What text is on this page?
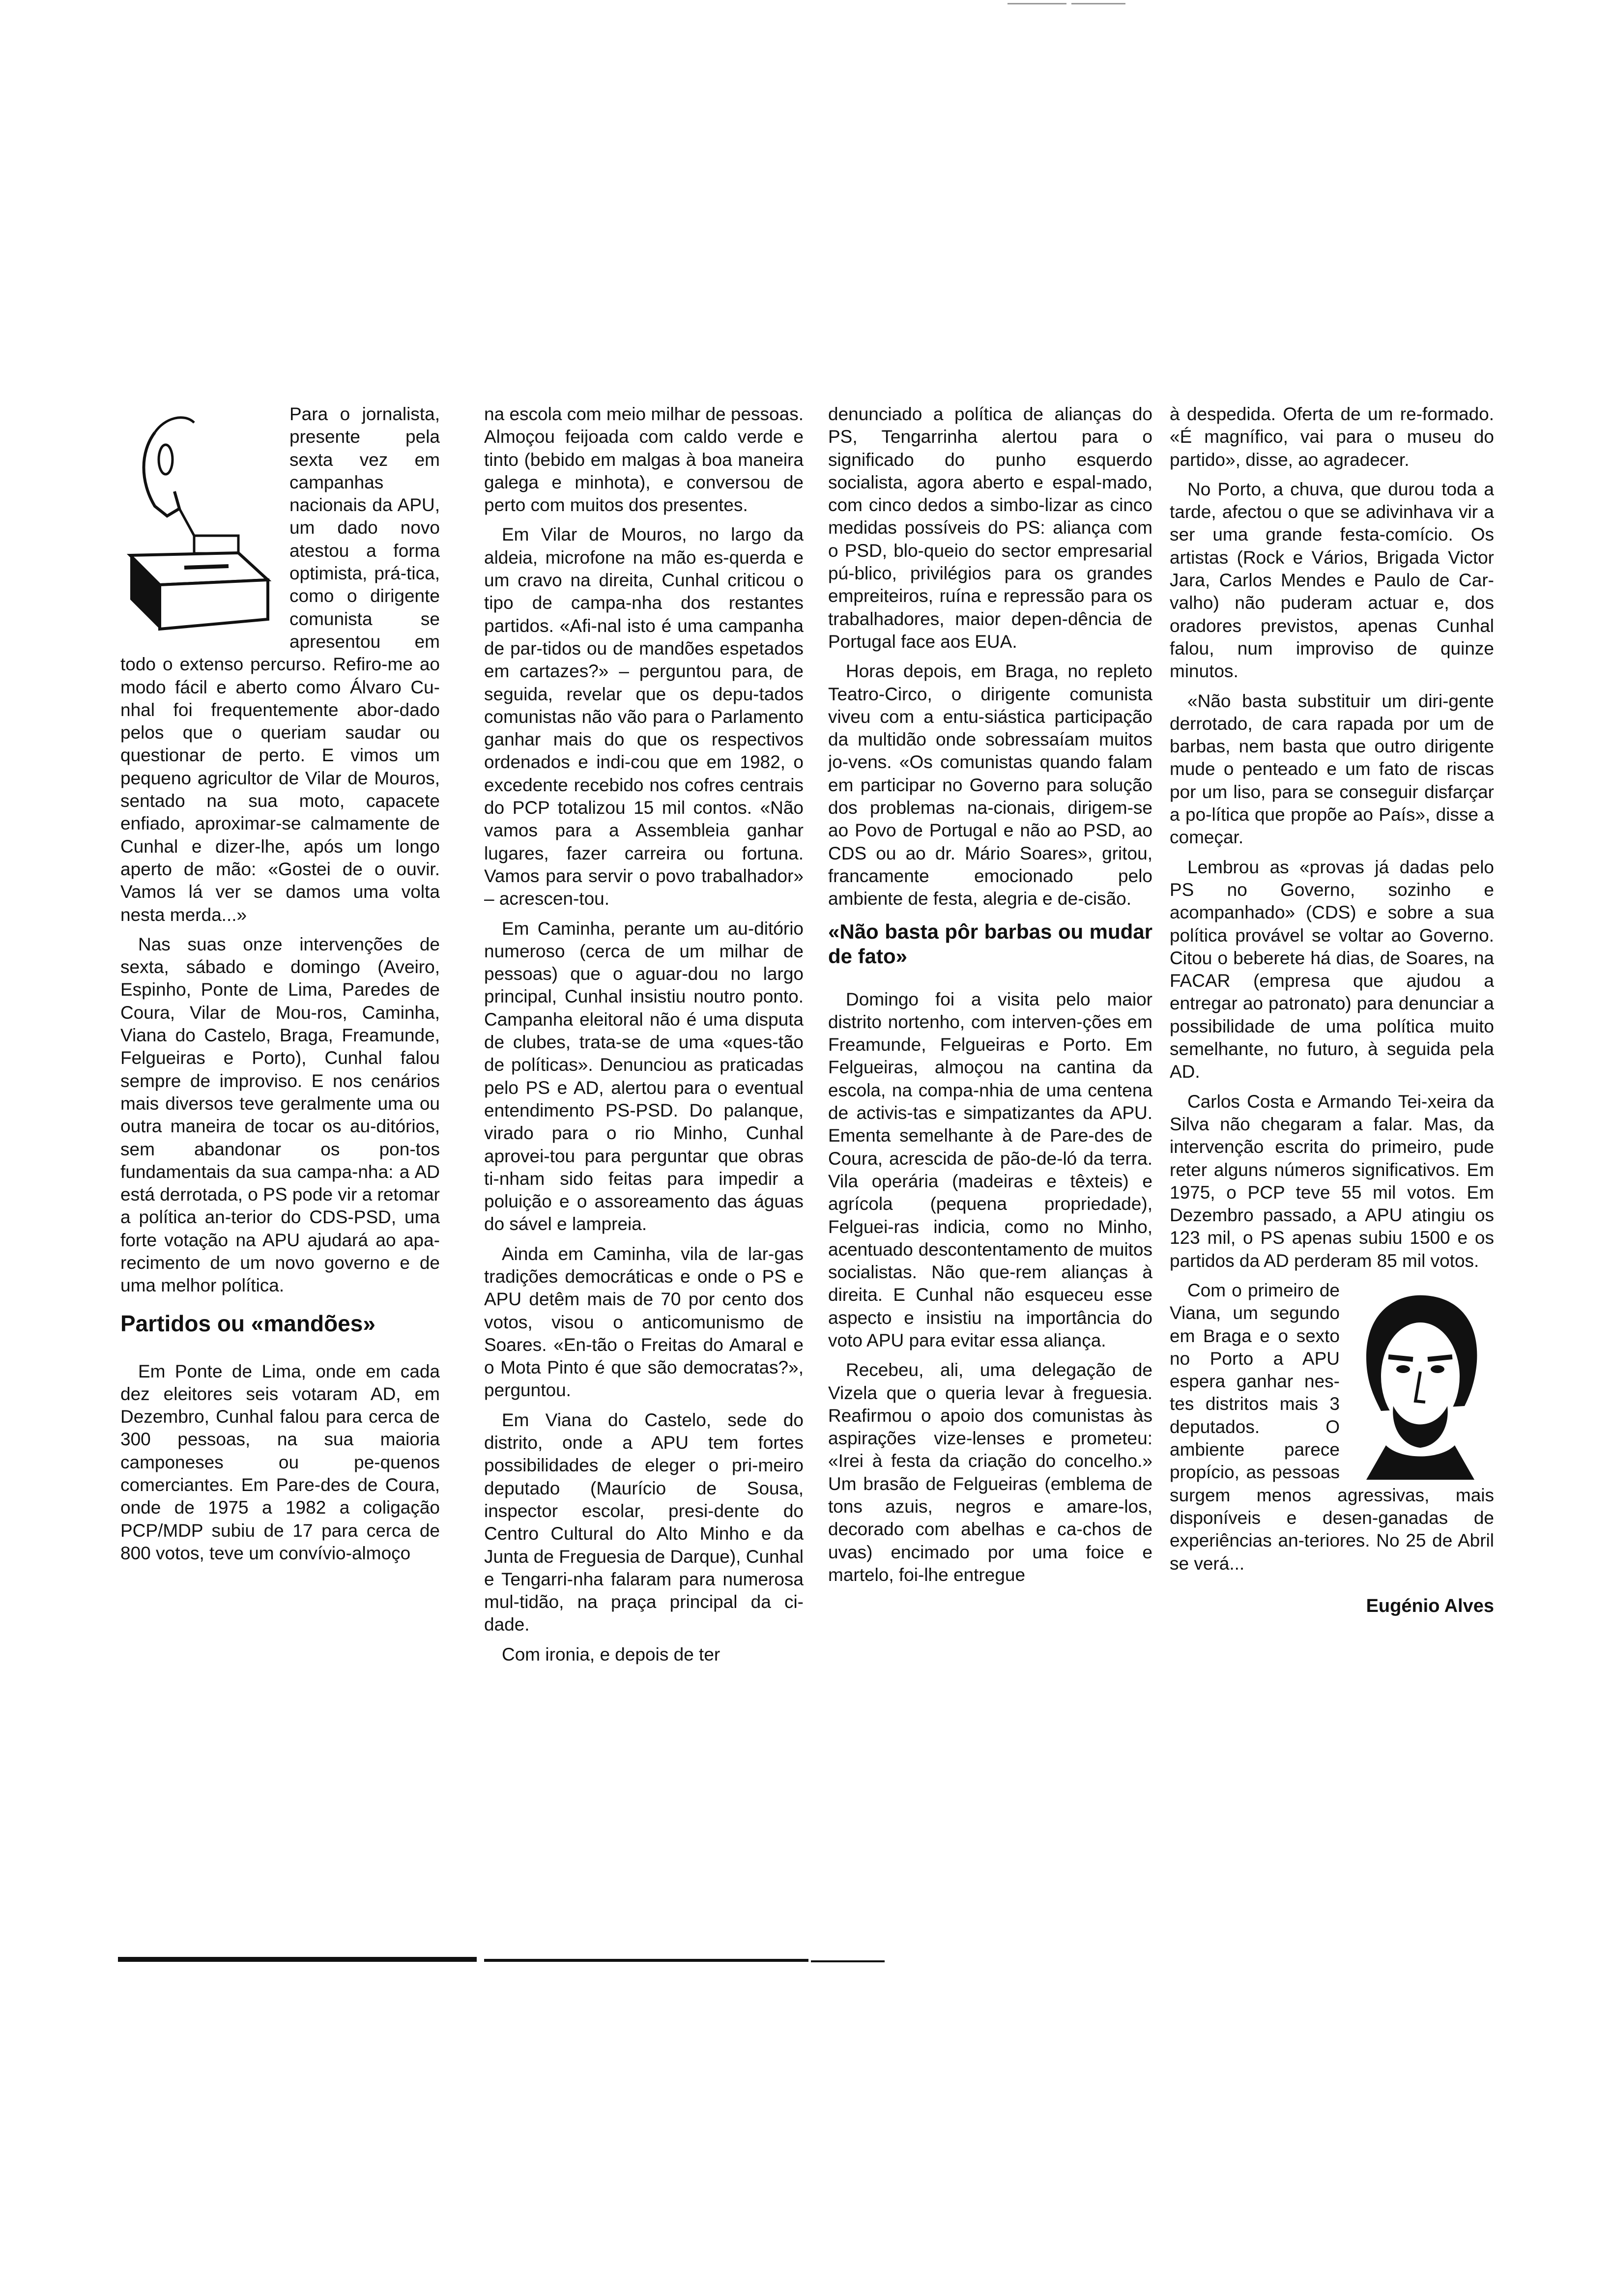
Para o jornalista, presente pela sexta vez em campanhas nacionais da APU, um dado novo atestou a forma optimista, prá-tica, como o dirigente comunista se apresentou em todo o extenso percurso. Refiro-me ao modo fácil e aberto como Álvaro Cu-nhal foi frequentemente abor-dado pelos que o queriam saudar ou questionar de perto. E vimos um pequeno agricultor de Vilar de Mouros, sentado na sua moto, capacete enfiado, aproximar-se calmamente de Cunhal e dizer-lhe, após um longo aperto de mão: «Gostei de o ouvir. Vamos lá ver se damos uma volta nesta merda...»

Nas suas onze intervenções de sexta, sábado e domingo (Aveiro, Espinho, Ponte de Lima, Paredes de Coura, Vilar de Mou-ros, Caminha, Viana do Castelo, Braga, Freamunde, Felgueiras e Porto), Cunhal falou sempre de improviso. E nos cenários mais diversos teve geralmente uma ou outra maneira de tocar os au-ditórios, sem abandonar os pon-tos fundamentais da sua campa-nha: a AD está derrotada, o PS pode vir a retomar a política an-terior do CDS-PSD, uma forte votação na APU ajudará ao apa-recimento de um novo governo e de uma melhor política.

Partidos ou «mandões»

Em Ponte de Lima, onde em cada dez eleitores seis votaram AD, em Dezembro, Cunhal falou para cerca de 300 pessoas, na sua maioria camponeses ou pe-quenos comerciantes. Em Pare-des de Coura, onde de 1975 a 1982 a coligação PCP/MDP subiu de 17 para cerca de 800 votos, teve um convívio-almoço

na escola com meio milhar de pessoas. Almoçou feijoada com caldo verde e tinto (bebido em malgas à boa maneira galega e minhota), e conversou de perto com muitos dos presentes.

Em Vilar de Mouros, no largo da aldeia, microfone na mão es-querda e um cravo na direita, Cunhal criticou o tipo de campa-nha dos restantes partidos. «Afi-nal isto é uma campanha de par-tidos ou de mandões espetados em cartazes?» – perguntou para, de seguida, revelar que os depu-tados comunistas não vão para o Parlamento ganhar mais do que os respectivos ordenados e indi-cou que em 1982, o excedente recebido nos cofres centrais do PCP totalizou 15 mil contos. «Não vamos para a Assembleia ganhar lugares, fazer carreira ou fortuna. Vamos para servir o povo trabalhador» – acrescen-tou.

Em Caminha, perante um au-ditório numeroso (cerca de um milhar de pessoas) que o aguar-dou no largo principal, Cunhal insistiu noutro ponto. Campanha eleitoral não é uma disputa de clubes, trata-se de uma «ques-tão de políticas». Denunciou as praticadas pelo PS e AD, alertou para o eventual entendimento PS-PSD. Do palanque, virado para o rio Minho, Cunhal aprovei-tou para perguntar que obras ti-nham sido feitas para impedir a poluição e o assoreamento das águas do sável e lampreia.

Ainda em Caminha, vila de lar-gas tradições democráticas e onde o PS e APU detêm mais de 70 por cento dos votos, visou o anticomunismo de Soares. «En-tão o Freitas do Amaral e o Mota Pinto é que são democratas?», perguntou.

Em Viana do Castelo, sede do distrito, onde a APU tem fortes possibilidades de eleger o pri-meiro deputado (Maurício de Sousa, inspector escolar, presi-dente do Centro Cultural do Alto Minho e da Junta de Freguesia de Darque), Cunhal e Tengarri-nha falaram para numerosa mul-tidão, na praça principal da ci-dade.

Com ironia, e depois de ter

denunciado a política de alianças do PS, Tengarrinha alertou para o significado do punho esquerdo socialista, agora aberto e espal-mado, com cinco dedos a simbo-lizar as cinco medidas possíveis do PS: aliança com o PSD, blo-queio do sector empresarial pú-blico, privilégios para os grandes empreiteiros, ruína e repressão para os trabalhadores, maior depen-dência de Portugal face aos EUA.

Horas depois, em Braga, no repleto Teatro-Circo, o dirigente comunista viveu com a entu-siástica participação da multidão onde sobressaíam muitos jo-vens. «Os comunistas quando falam em participar no Governo para solução dos problemas na-cionais, dirigem-se ao Povo de Portugal e não ao PSD, ao CDS ou ao dr. Mário Soares», gritou, francamente emocionado pelo ambiente de festa, alegria e de-cisão.

«Não basta pôr barbas ou mudar de fato»

Domingo foi a visita pelo maior distrito nortenho, com interven-ções em Freamunde, Felgueiras e Porto. Em Felgueiras, almoçou na cantina da escola, na compa-nhia de uma centena de activis-tas e simpatizantes da APU. Ementa semelhante à de Pare-des de Coura, acrescida de pão-de-ló da terra. Vila operária (madeiras e têxteis) e agrícola (pequena propriedade), Felguei-ras indicia, como no Minho, acentuado descontentamento de muitos socialistas. Não que-rem alianças à direita. E Cunhal não esqueceu esse aspecto e insistiu na importância do voto APU para evitar essa aliança.

Recebeu, ali, uma delegação de Vizela que o queria levar à freguesia. Reafirmou o apoio dos comunistas às aspirações vize-lenses e prometeu: «Irei à festa da criação do concelho.» Um brasão de Felgueiras (emblema de tons azuis, negros e amare-los, decorado com abelhas e ca-chos de uvas) encimado por uma foice e martelo, foi-lhe entregue

à despedida. Oferta de um re-formado. «É magnífico, vai para o museu do partido», disse, ao agradecer.

No Porto, a chuva, que durou toda a tarde, afectou o que se adivinhava vir a ser uma grande festa-comício. Os artistas (Rock e Vários, Brigada Victor Jara, Carlos Mendes e Paulo de Car-valho) não puderam actuar e, dos oradores previstos, apenas Cunhal falou, num improviso de quinze minutos.

«Não basta substituir um diri-gente derrotado, de cara rapada por um de barbas, nem basta que outro dirigente mude o penteado e um fato de riscas por um liso, para se conseguir disfarçar a po-lítica que propõe ao País», disse a começar.

Lembrou as «provas já dadas pelo PS no Governo, sozinho e acompanhado» (CDS) e sobre a sua política provável se voltar ao Governo. Citou o beberete há dias, de Soares, na FACAR (empresa que ajudou a entregar ao patronato) para denunciar a possibilidade de uma política muito semelhante, no futuro, à seguida pela AD.

Carlos Costa e Armando Tei-xeira da Silva não chegaram a falar. Mas, da intervenção escrita do primeiro, pude reter alguns números significativos. Em 1975, o PCP teve 55 mil votos. Em Dezembro passado, a APU atingiu os 123 mil, o PS apenas subiu 1500 e os partidos da AD perderam 85 mil votos.

Com o primeiro de Viana, um segundo em Braga e o sexto no Porto a APU espera ganhar nes-tes distritos mais 3 deputados. O ambiente parece propício, as pessoas surgem menos agressivas, mais disponíveis e desen-ganadas de experiências an-teriores. No 25 de Abril se verá...

Eugénio Alves
